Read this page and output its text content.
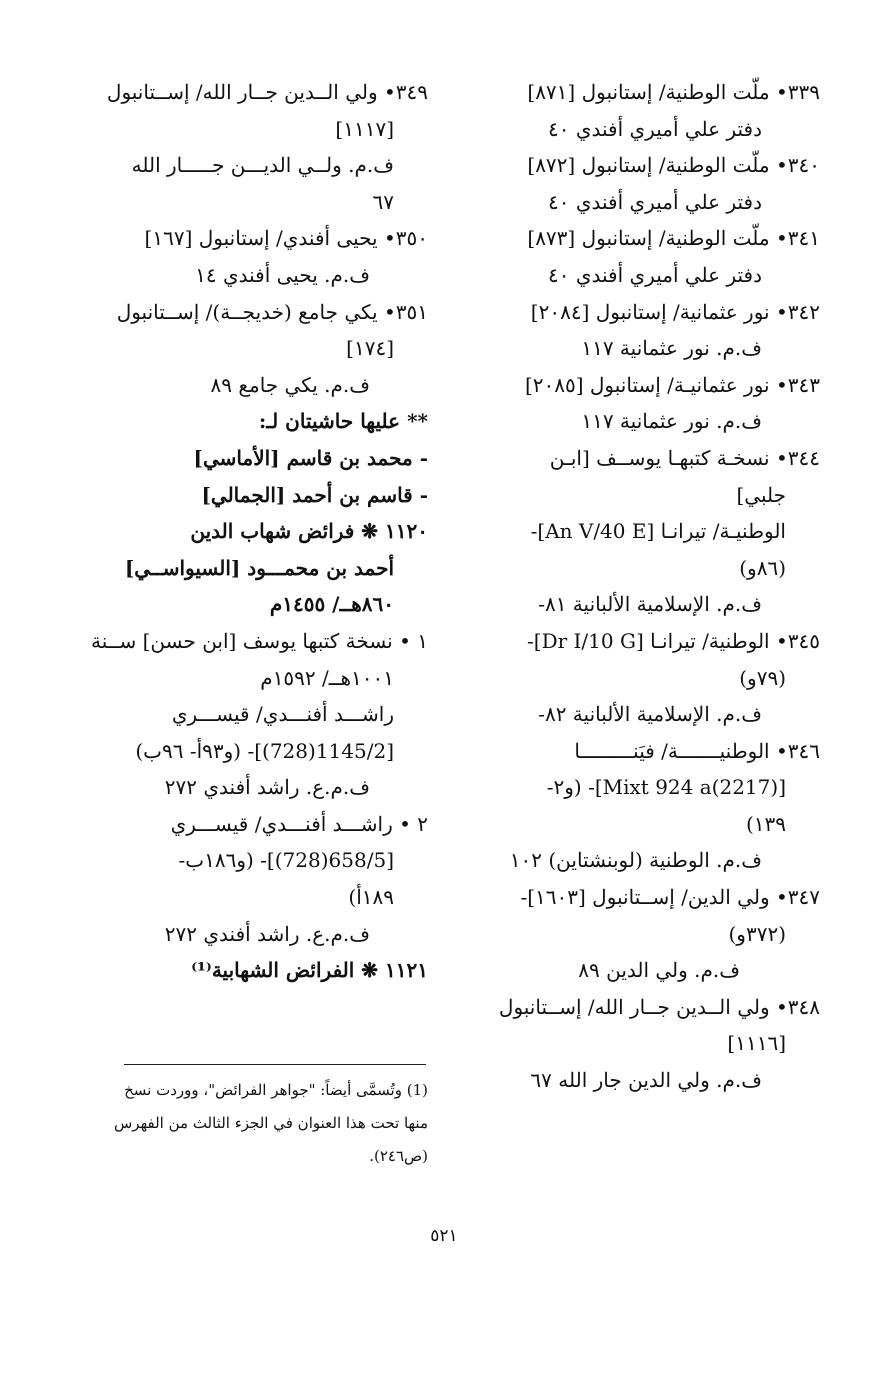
٣٣٩• ملّت الوطنية/ إستانبول [٨٧١]
دفتر علي أميري أفندي ٤٠
٣٤٠• ملّت الوطنية/ إستانبول [٨٧٢]
دفتر علي أميري أفندي ٤٠
٣٤١• ملّت الوطنية/ إستانبول [٨٧٣]
دفتر علي أميري أفندي ٤٠
٣٤٢• نور عثمانية/ إستانبول [٢٠٨٤]
ف.م. نور عثمانية ١١٧
٣٤٣• نور عثمانيـة/ إستانبول [٢٠٨٥]
ف.م. نور عثمانية ١١٧
٣٤٤• نسخـة كتبهـا يوســف [ابـن
جلبي]
الوطنيـة/ تيرانـا [An V/40 E]-
(٨٦و)
ف.م. الإسلامية الألبانية ٨١-
٣٤٥• الوطنية/ تيرانـا [Dr I/10 G]-
(٧٩و)
ف.م. الإسلامية الألبانية ٨٢-
٣٤٦• الوطنيـــــــة/ فيَنـــــــــا
[(2217)Mixt 924 a]- (و٢-
١٣٩)
ف.م. الوطنية (لوبنشتاين) ١٠٢
٣٤٧• ولي الدين/ إســتانبول [١٦٠٣]-
(٣٧٢و)
ف.م. ولي الدين ٨٩
٣٤٨• ولي الــدين جــار الله/ إســتانبول
[١١١٦]
ف.م. ولي الدين جار الله ٦٧
٣٤٩• ولي الــدين جــار الله/ إســتانبول
[١١١٧]
ف.م. ولــي الديـــن جـــــار الله
٦٧
٣٥٠• يحيى أفندي/ إستانبول [١٦٧]
ف.م. يحيى أفندي ١٤
٣٥١• يكي جامع (خديجــة)/ إســتانبول
[١٧٤]
ف.م. يكي جامع ٨٩
** عليها حاشيتان لـ:
- محمد بن قاسم [الأماسي]
- قاسم بن أحمد [الجمالي]
١١٢٠ ❋ فرائض شهاب الدين
أحمد بن محمـــود [السيواســي]
٨٦٠هــ/ ١٤٥٥م
١ • نسخة كتبها يوسف [ابن حسن] ســنة
١٠٠١هــ/ ١٥٩٢م
راشـــد أفنـــدي/ قيســـري
[1145/2(728)]- (و٩٣أ- ٩٦ب)
ف.م.ع. راشد أفندي ٢٧٢
٢ • راشـــد أفنـــدي/ قيســـري
[658/5(728)]- (و١٨٦ب-
١٨٩أ)
ف.م.ع. راشد أفندي ٢٧٢
١١٢١ ❋ الفرائض الشهابية⁽¹⁾
(1) وتُسمَّى أيضاً: "جواهر الفرائض"، ووردت نسخ
منها تحت هذا العنوان في الجزء الثالث من الفهرس
(ص٢٤٦).
٥٢١
